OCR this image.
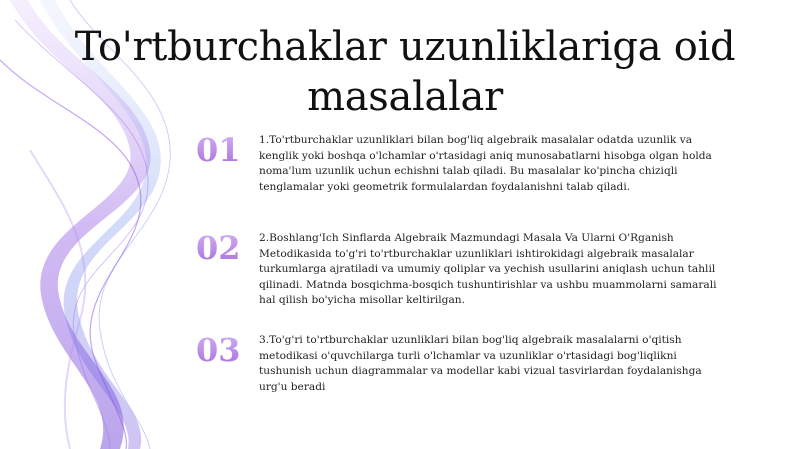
To'rtburchaklar uzunliklariga oid masalalar
01 1.To'rtburchaklar uzunliklari bilan bog'liq algebraik masalalar odatda uzunlik va kenglik yoki boshqa o'lchamlar o'rtasidagi aniq munosabatlarni hisobga olgan holda noma'lum uzunlik uchun echishni talab qiladi. Bu masalalar ko'pincha chiziqli tenglamalar yoki geometrik formulalardan foydalanishni talab qiladi.
02 2.Boshlang'Ich Sinflarda Algebraik Mazmundagi Masala Va Ularni O'Rganish Metodikasida to'g'ri to'rtburchaklar uzunliklari ishtirokidagi algebraik masalalar turkumlarga ajratiladi va umumiy qoliplar va yechish usullarini aniqlash uchun tahlil qilinadi. Matnda bosqichma-bosqich tushuntirishlar va ushbu muammolarni samarali hal qilish bo'yicha misollar keltirilgan.
03 3.To'g'ri to'rtburchaklar uzunliklari bilan bog'liq algebraik masalalarni o'qitish metodikasi o'quvchilarga turli o'lchamlar va uzunliklar o'rtasidagi bog'liqlikni tushunish uchun diagrammalar va modellar kabi vizual tasvirlardan foydalanishga urg'u beradi
